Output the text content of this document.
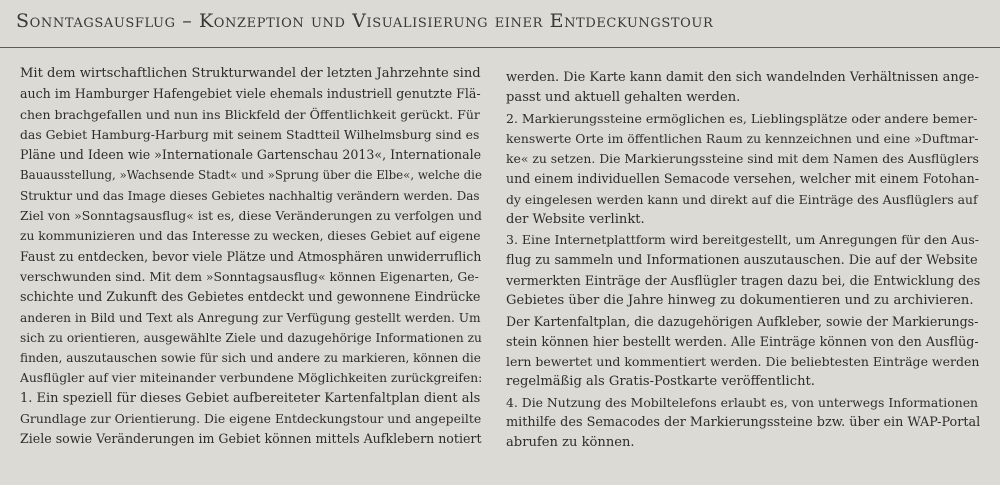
Sonntagsausflug – Konzeption und Visualisierung einer Entdeckungstour
Mit dem wirtschaftlichen Strukturwandel der letzten Jahrzehnte sind
auch im Hamburger Hafengebiet viele ehemals industriell genutzte Flä-
chen brachgefallen und nun ins Blickfeld der Öffentlichkeit gerückt. Für
das Gebiet Hamburg-Harburg mit seinem Stadtteil Wilhelmsburg sind es
Pläne und Ideen wie »Internationale Gartenschau 2013«, Internationale
Bauausstellung, »Wachsende Stadt« und »Sprung über die Elbe«, welche die
Struktur und das Image dieses Gebietes nachhaltig verändern werden. Das
Ziel von »Sonntagsausflug« ist es, diese Veränderungen zu verfolgen und
zu kommunizieren und das Interesse zu wecken, dieses Gebiet auf eigene
Faust zu entdecken, bevor viele Plätze und Atmosphären unwiderruflich
verschwunden sind. Mit dem »Sonntagsausflug« können Eigenarten, Ge-
schichte und Zukunft des Gebietes entdeckt und gewonnene Eindrücke
anderen in Bild und Text als Anregung zur Verfügung gestellt werden. Um
sich zu orientieren, ausgewählte Ziele und dazugehörige Informationen zu
finden, auszutauschen sowie für sich und andere zu markieren, können die
Ausflügler auf vier miteinander verbundene Möglichkeiten zurückgreifen:
1. Ein speziell für dieses Gebiet aufbereiteter Kartenfaltplan dient als
Grundlage zur Orientierung. Die eigene Entdeckungstour und angepeilte
Ziele sowie Veränderungen im Gebiet können mittels Aufklebern notiert
werden. Die Karte kann damit den sich wandelnden Verhältnissen ange-
passt und aktuell gehalten werden.
2. Markierungssteine ermöglichen es, Lieblingsplätze oder andere bemer-
kenswerte Orte im öffentlichen Raum zu kennzeichnen und eine »Duftmar-
ke« zu setzen. Die Markierungssteine sind mit dem Namen des Ausflüglers
und einem individuellen Semacode versehen, welcher mit einem Fotohan-
dy eingelesen werden kann und direkt auf die Einträge des Ausflüglers auf
der Website verlinkt.
3. Eine Internetplattform wird bereitgestellt, um Anregungen für den Aus-
flug zu sammeln und Informationen auszutauschen. Die auf der Website
vermerkten Einträge der Ausflügler tragen dazu bei, die Entwicklung des
Gebietes über die Jahre hinweg zu dokumentieren und zu archivieren.
Der Kartenfaltplan, die dazugehörigen Aufkleber, sowie der Markierungs-
stein können hier bestellt werden. Alle Einträge können von den Ausflüg-
lern bewertet und kommentiert werden. Die beliebtesten Einträge werden
regelmäßig als Gratis-Postkarte veröffentlicht.
4. Die Nutzung des Mobiltelefons erlaubt es, von unterwegs Informationen
mithilfe des Semacodes der Markierungssteine bzw. über ein WAP-Portal
abrufen zu können.
